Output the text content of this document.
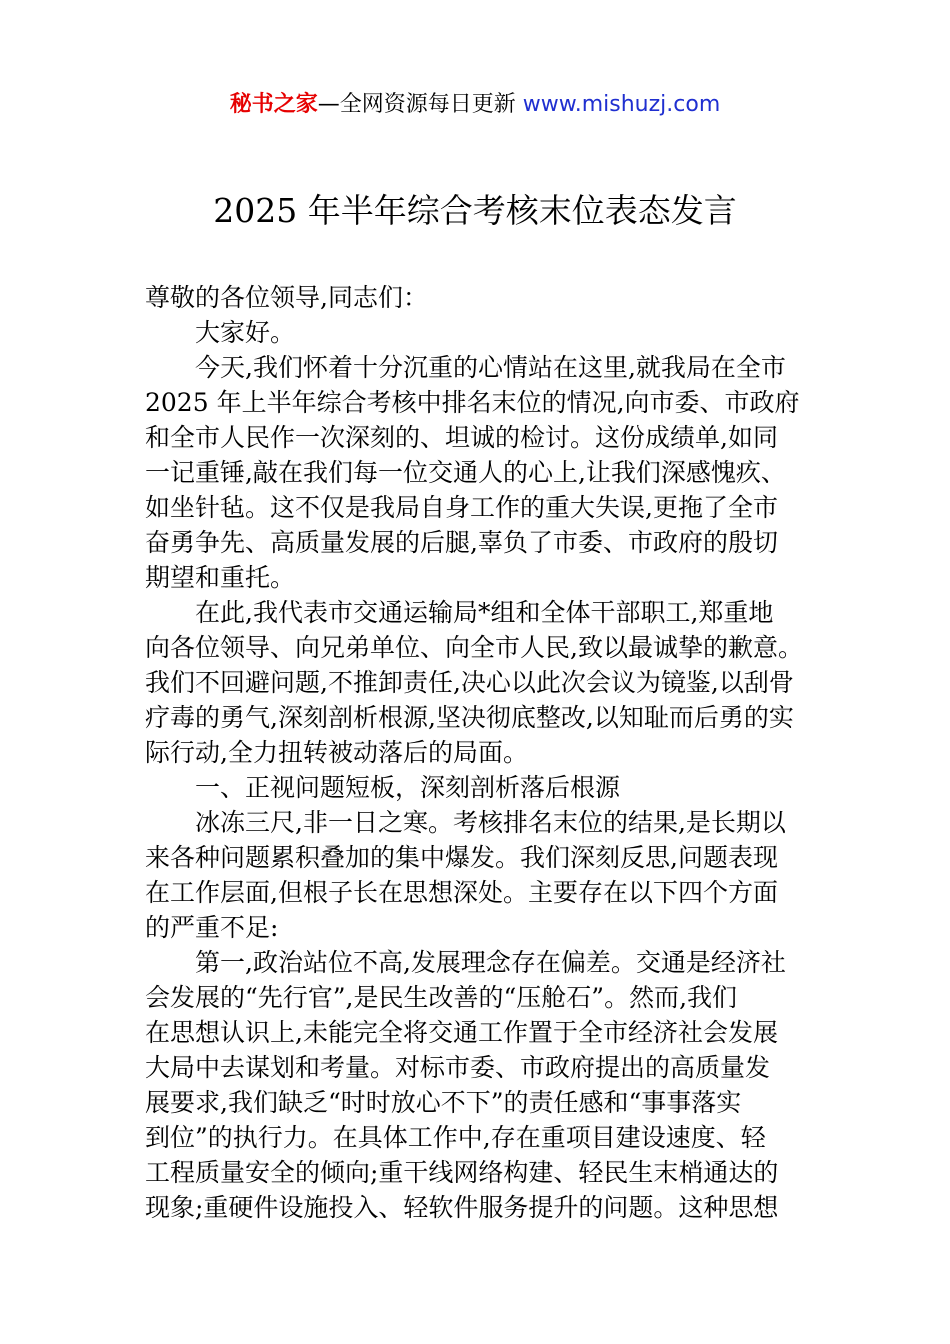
秘书之家—全网资源每日更新 www.mishuzj.com
2025 年半年综合考核末位表态发言
尊敬的各位领导,同志们：
大家好。
今天,我们怀着十分沉重的心情站在这里,就我局在全市
2025 年上半年综合考核中排名末位的情况,向市委、市政府
和全市人民作一次深刻的、坦诚的检讨。这份成绩单,如同
一记重锤,敲在我们每一位交通人的心上,让我们深感愧疚、
如坐针毡。这不仅是我局自身工作的重大失误,更拖了全市
奋勇争先、高质量发展的后腿,辜负了市委、市政府的殷切
期望和重托。
在此,我代表市交通运输局*组和全体干部职工,郑重地
向各位领导、向兄弟单位、向全市人民,致以最诚挚的歉意。
我们不回避问题,不推卸责任,决心以此次会议为镜鉴,以刮骨
疗毒的勇气,深刻剖析根源,坚决彻底整改,以知耻而后勇的实
际行动,全力扭转被动落后的局面。
一、正视问题短板，深刻剖析落后根源
冰冻三尺,非一日之寒。考核排名末位的结果,是长期以
来各种问题累积叠加的集中爆发。我们深刻反思,问题表现
在工作层面,但根子长在思想深处。主要存在以下四个方面
的严重不足:
第一,政治站位不高,发展理念存在偏差。交通是经济社
会发展的“先行官”,是民生改善的“压舱石”。然而,我们
在思想认识上,未能完全将交通工作置于全市经济社会发展
大局中去谋划和考量。对标市委、市政府提出的高质量发
展要求,我们缺乏“时时放心不下”的责任感和“事事落实
到位”的执行力。在具体工作中,存在重项目建设速度、轻
工程质量安全的倾向;重干线网络构建、轻民生末梢通达的
现象;重硬件设施投入、轻软件服务提升的问题。这种思想
